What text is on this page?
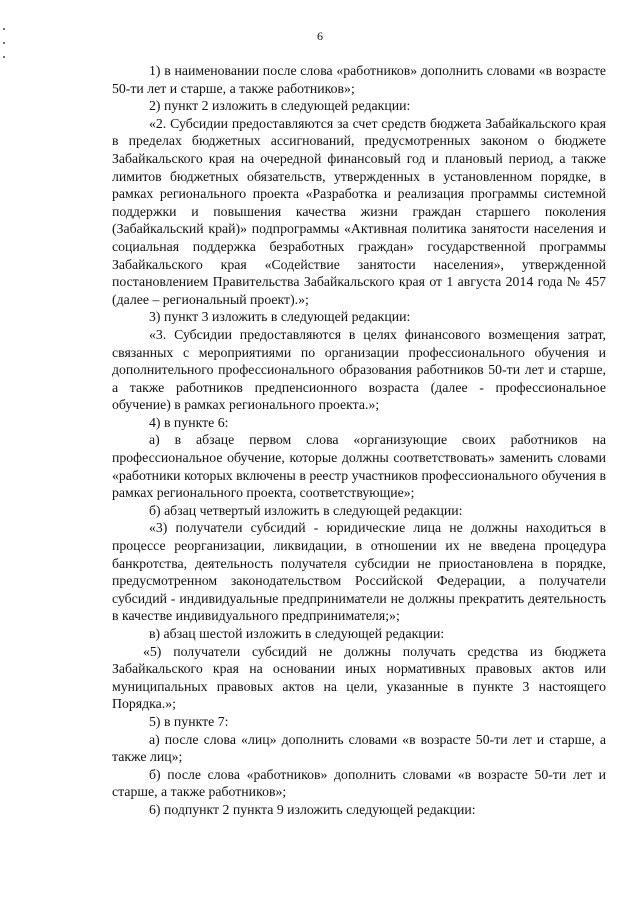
6

1) в наименовании после слова «работников» дополнить словами «в возрасте 50-ти лет и старше, а также работников»;

2) пункт 2 изложить в следующей редакции:

«2. Субсидии предоставляются за счет средств бюджета Забайкальского края в пределах бюджетных ассигнований, предусмотренных законом о бюджете Забайкальского края на очередной финансовый год и плановый период, а также лимитов бюджетных обязательств, утвержденных в установленном порядке, в рамках регионального проекта «Разработка и реализация программы системной поддержки и повышения качества жизни граждан старшего поколения (Забайкальский край)» подпрограммы «Активная политика занятости населения и социальная поддержка безработных граждан» государственной программы Забайкальского края «Содействие занятости населения», утвержденной постановлением Правительства Забайкальского края от 1 августа 2014 года № 457 (далее – региональный проект).»;

3) пункт 3 изложить в следующей редакции:

«3. Субсидии предоставляются в целях финансового возмещения затрат, связанных с мероприятиями по организации профессионального обучения и дополнительного профессионального образования работников 50-ти лет и старше, а также работников предпенсионного возраста (далее - профессиональное обучение) в рамках регионального проекта.»;

4) в пункте 6:

а) в абзаце первом слова «организующие своих работников на профессиональное обучение, которые должны соответствовать» заменить словами «работники которых включены в реестр участников профессионального обучения в рамках регионального проекта, соответствующие»;

б) абзац четвертый изложить в следующей редакции:

«3) получатели субсидий - юридические лица не должны находиться в процессе реорганизации, ликвидации, в отношении их не введена процедура банкротства, деятельность получателя субсидии не приостановлена в порядке, предусмотренном законодательством Российской Федерации, а получатели субсидий - индивидуальные предприниматели не должны прекратить деятельность в качестве индивидуального предпринимателя;»;

в) абзац шестой изложить в следующей редакции:

«5) получатели субсидий не должны получать средства из бюджета Забайкальского края на основании иных нормативных правовых актов или муниципальных правовых актов на цели, указанные в пункте 3 настоящего Порядка.»;

5) в пункте 7:

а) после слова «лиц» дополнить словами «в возрасте 50-ти лет и старше, а также лиц»;

б) после слова «работников» дополнить словами «в возрасте 50-ти лет и старше, а также работников»;

6) подпункт 2 пункта 9 изложить следующей редакции:
